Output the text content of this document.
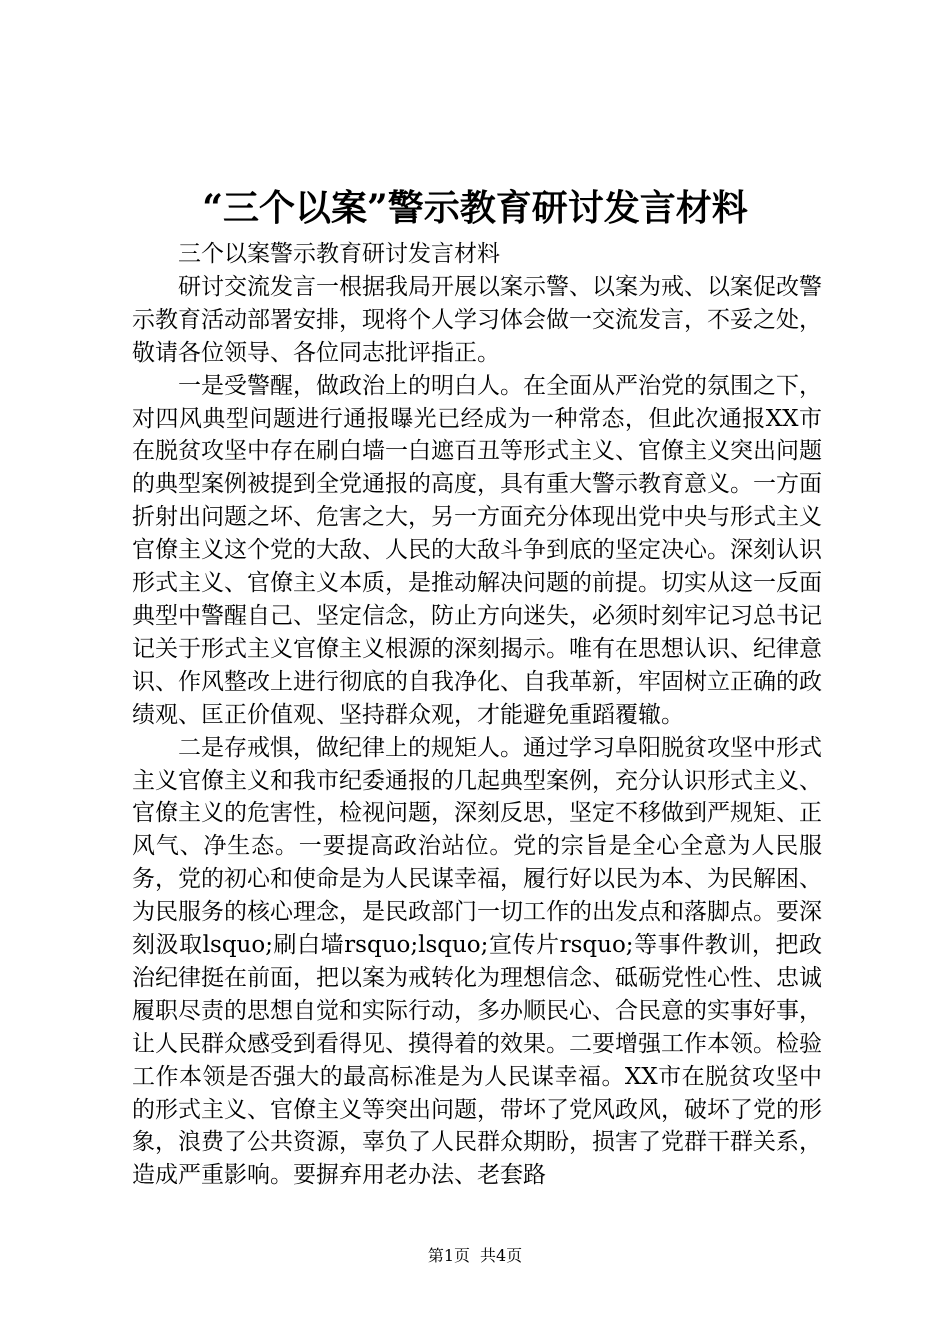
“三个以案”警示教育研讨发言材料

三个以案警示教育研讨发言材料

研讨交流发言一根据我局开展以案示警、以案为戒、以案促改警示教育活动部署安排，现将个人学习体会做一交流发言，不妥之处，敬请各位领导、各位同志批评指正。

一是受警醒，做政治上的明白人。在全面从严治党的氛围之下，对四风典型问题进行通报曝光已经成为一种常态，但此次通报XX市在脱贫攻坚中存在刷白墙一白遮百丑等形式主义、官僚主义突出问题的典型案例被提到全党通报的高度，具有重大警示教育意义。一方面折射出问题之坏、危害之大，另一方面充分体现出党中央与形式主义官僚主义这个党的大敌、人民的大敌斗争到底的坚定决心。深刻认识形式主义、官僚主义本质，是推动解决问题的前提。切实从这一反面典型中警醒自己、坚定信念，防止方向迷失，必须时刻牢记习总书记记关于形式主义官僚主义根源的深刻揭示。唯有在思想认识、纪律意识、作风整改上进行彻底的自我净化、自我革新，牢固树立正确的政绩观、匡正价值观、坚持群众观，才能避免重蹈覆辙。

二是存戒惧，做纪律上的规矩人。通过学习阜阳脱贫攻坚中形式主义官僚主义和我市纪委通报的几起典型案例，充分认识形式主义、官僚主义的危害性，检视问题，深刻反思，坚定不移做到严规矩、正风气、净生态。一要提高政治站位。党的宗旨是全心全意为人民服务，党的初心和使命是为人民谋幸福，履行好以民为本、为民解困、为民服务的核心理念，是民政部门一切工作的出发点和落脚点。要深刻汲取lsquo;刷白墙rsquo;lsquo;宣传片rsquo;等事件教训，把政治纪律挺在前面，把以案为戒转化为理想信念、砥砺党性心性、忠诚履职尽责的思想自觉和实际行动，多办顺民心、合民意的实事好事，让人民群众感受到看得见、摸得着的效果。二要增强工作本领。检验工作本领是否强大的最高标准是为人民谋幸福。XX市在脱贫攻坚中的形式主义、官僚主义等突出问题，带坏了党风政风，破坏了党的形象，浪费了公共资源，辜负了人民群众期盼，损害了党群干群关系，造成严重影响。要摒弃用老办法、老套路

第1页 共4页
